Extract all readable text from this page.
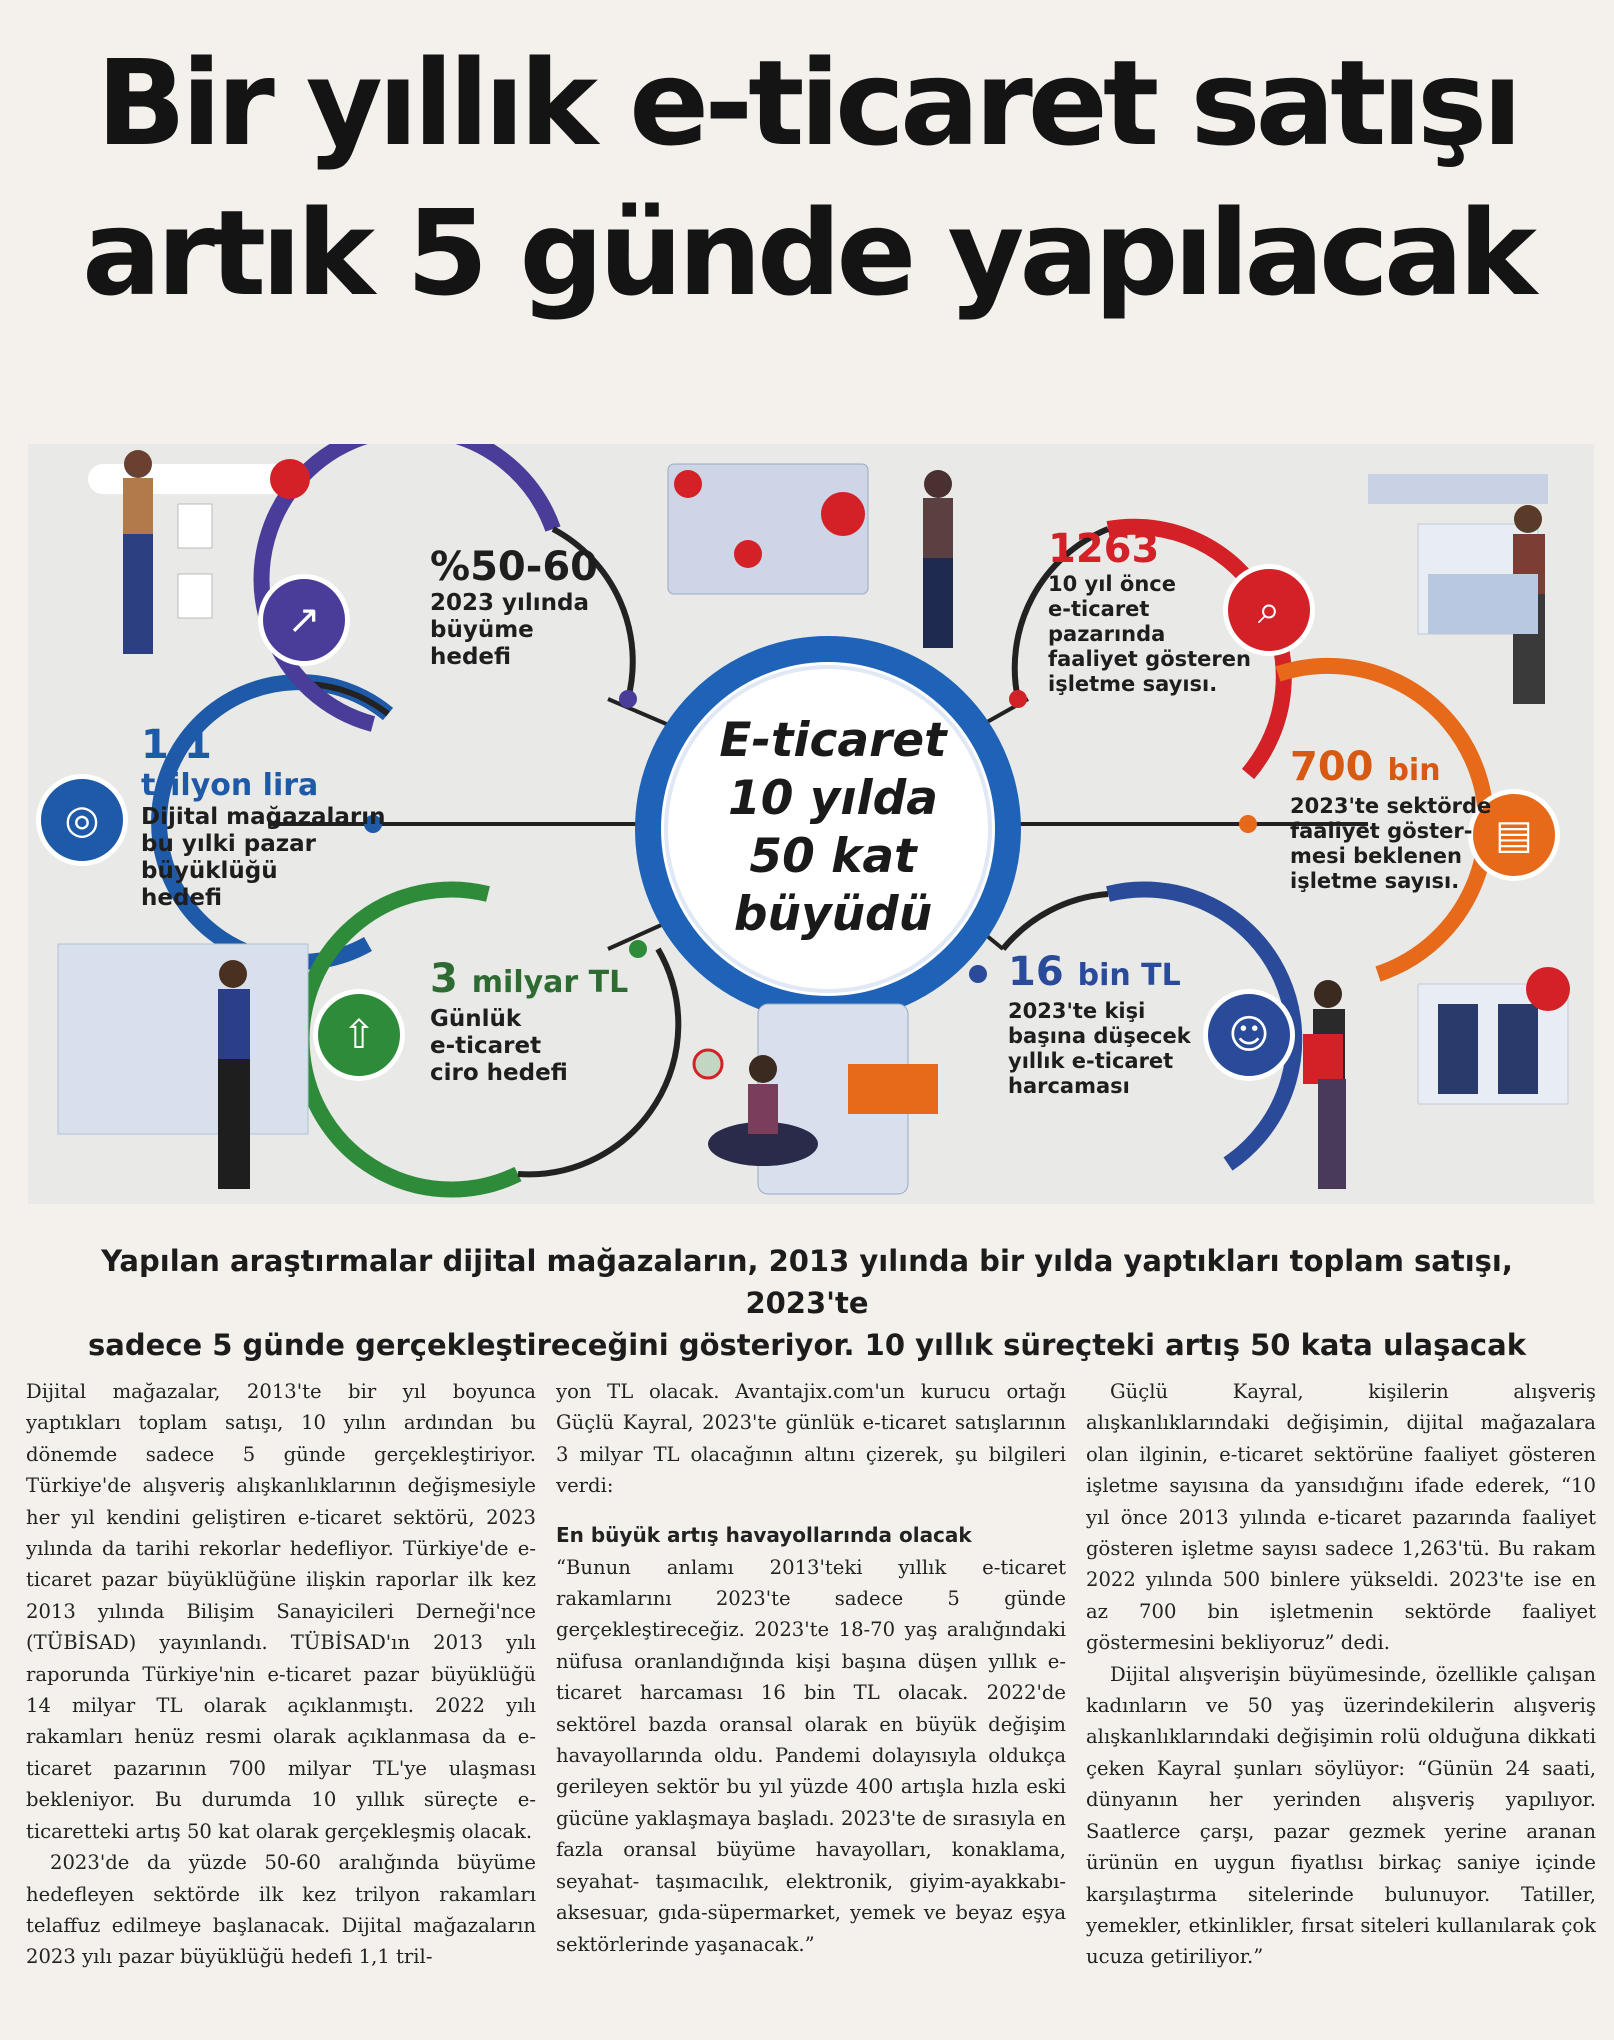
Bir yıllık e-ticaret satışı
artık 5 günde yapılacak
↗
◎
⇧
⌕
▤
☺
E-ticaret
10 yılda
50 kat
büyüdü
%50-60
2023 yılında
büyüme
hedefi
1,1
trilyon lira
Dijital mağazaların
bu yılki pazar
büyüklüğü
hedefi
3 milyar TL
Günlük
e-ticaret
ciro hedefi
1263
10 yıl önce
e-ticaret
pazarında
faaliyet gösteren
işletme sayısı.
700 bin
2023'te sektörde
faaliyet göster-
mesi beklenen
işletme sayısı.
16 bin TL
2023'te kişi
başına düşecek
yıllık e-ticaret
harcaması
Yapılan araştırmalar dijital mağazaların, 2013 yılında bir yılda yaptıkları toplam satışı, 2023'te
sadece 5 günde gerçekleştireceğini gösteriyor. 10 yıllık süreçteki artış 50 kata ulaşacak

Dijital mağazalar, 2013'te bir yıl boyunca yaptıkları toplam satışı, 10 yılın ardından bu dönemde sadece 5 günde gerçekleştiriyor. Türkiye'de alışveriş alışkanlıklarının değişmesiyle her yıl kendini geliştiren e-ticaret sektörü, 2023 yılında da tarihi rekorlar hedefliyor. Türkiye'de e-ticaret pazar büyüklüğüne ilişkin raporlar ilk kez 2013 yılında Bilişim Sanayicileri Derneği'nce (TÜBİSAD) yayınlandı. TÜBİSAD'ın 2013 yılı raporunda Türkiye'nin e-ticaret pazar büyüklüğü 14 milyar TL olarak açıklanmıştı. 2022 yılı rakamları henüz resmi olarak açıklanmasa da e-ticaret pazarının 700 milyar TL'ye ulaşması bekleniyor. Bu durumda 10 yıllık süreçte e-ticaretteki artış 50 kat olarak gerçekleşmiş olacak.

2023'de da yüzde 50-60 aralığında büyüme hedefleyen sektörde ilk kez trilyon rakamları telaffuz edilmeye başlanacak. Dijital mağazaların 2023 yılı pazar büyüklüğü hedefi 1,1 tril-

yon TL olacak. Avantajix.com'un kurucu ortağı Güçlü Kayral, 2023'te günlük e-ticaret satışlarının 3 milyar TL olacağının altını çizerek, şu bilgileri verdi:

En büyük artış havayollarında olacak

“Bunun anlamı 2013'teki yıllık e-ticaret rakamlarını 2023'te sadece 5 günde gerçekleştireceğiz. 2023'te 18-70 yaş aralığındaki nüfusa oranlandığında kişi başına düşen yıllık e-ticaret harcaması 16 bin TL olacak. 2022'de sektörel bazda oransal olarak en büyük değişim havayollarında oldu. Pandemi dolayısıyla oldukça gerileyen sektör bu yıl yüzde 400 artışla hızla eski gücüne yaklaşmaya başladı. 2023'te de sırasıyla en fazla oransal büyüme havayolları, konaklama, seyahat- taşımacılık, elektronik, giyim-ayakkabı-aksesuar, gıda-süpermarket, yemek ve beyaz eşya sektörlerinde yaşanacak.”

Güçlü Kayral, kişilerin alışveriş alışkanlıklarındaki değişimin, dijital mağazalara olan ilginin, e-ticaret sektörüne faaliyet gösteren işletme sayısına da yansıdığını ifade ederek, “10 yıl önce 2013 yılında e-ticaret pazarında faaliyet gösteren işletme sayısı sadece 1,263'tü. Bu rakam 2022 yılında 500 binlere yükseldi. 2023'te ise en az 700 bin işletmenin sektörde faaliyet göstermesini bekliyoruz” dedi.

Dijital alışverişin büyümesinde, özellikle çalışan kadınların ve 50 yaş üzerindekilerin alışveriş alışkanlıklarındaki değişimin rolü olduğuna dikkati çeken Kayral şunları söylüyor: “Günün 24 saati, dünyanın her yerinden alışveriş yapılıyor. Saatlerce çarşı, pazar gezmek yerine aranan ürünün en uygun fiyatlısı birkaç saniye içinde karşılaştırma sitelerinde bulunuyor. Tatiller, yemekler, etkinlikler, fırsat siteleri kullanılarak çok ucuza getiriliyor.”
